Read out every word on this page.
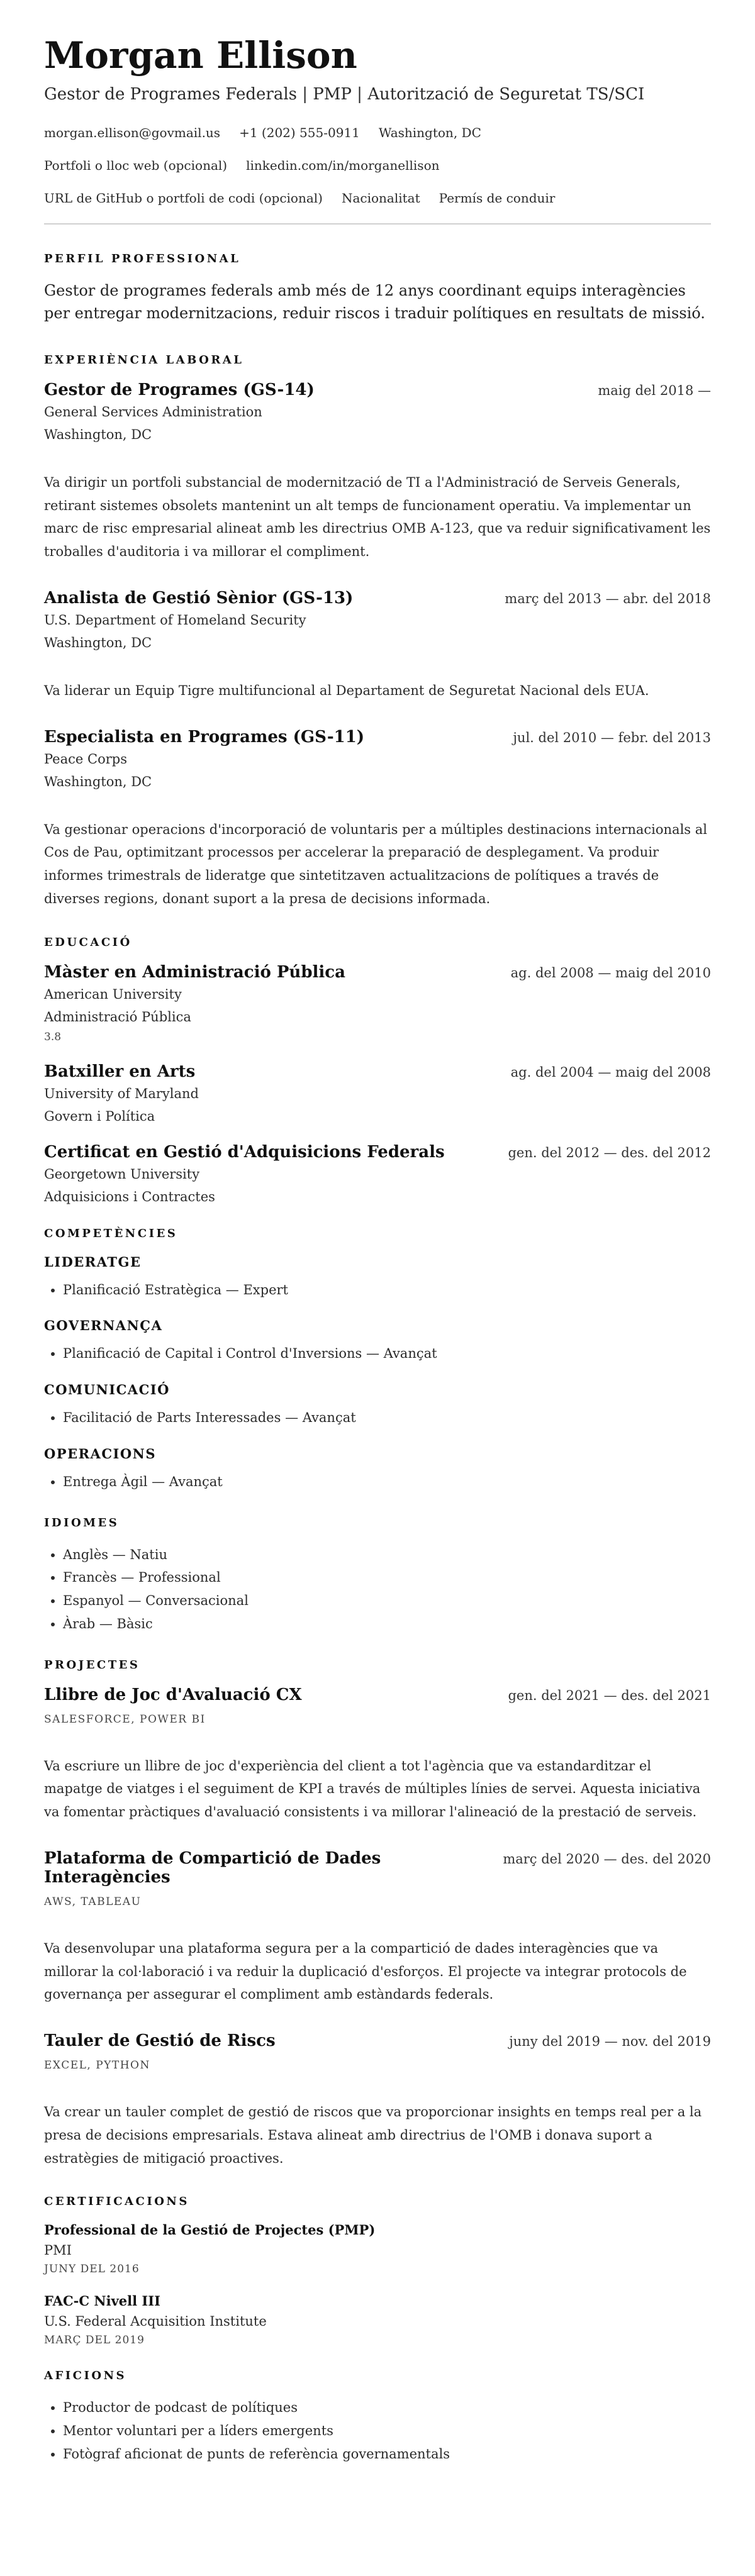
Morgan Ellison
Gestor de Programes Federals | PMP | Autorització de Seguretat TS/SCI
morgan.ellison@govmail.us +1 (202) 555-0911 Washington, DC
Portfoli o lloc web (opcional) linkedin.com/in/morganellison
URL de GitHub o portfoli de codi (opcional) Nacionalitat Permís de conduir
PERFIL PROFESSIONAL
Gestor de programes federals amb més de 12 anys coordinant equips interagències per entregar modernitzacions, reduir riscos i traduir polítiques en resultats de missió.
EXPERIÈNCIA LABORAL
Gestor de Programes (GS-14)	maig del 2018 —
General Services Administration
Washington, DC
Va dirigir un portfoli substancial de modernització de TI a l'Administració de Serveis Generals, retirant sistemes obsolets mantenint un alt temps de funcionament operatiu. Va implementar un marc de risc empresarial alineat amb les directrius OMB A-123, que va reduir significativament les troballes d'auditoria i va millorar el compliment.
Analista de Gestió Sènior (GS-13)	març del 2013 — abr. del 2018
U.S. Department of Homeland Security
Washington, DC
Va liderar un Equip Tigre multifuncional al Departament de Seguretat Nacional dels EUA.
Especialista en Programes (GS-11)	jul. del 2010 — febr. del 2013
Peace Corps
Washington, DC
Va gestionar operacions d'incorporació de voluntaris per a múltiples destinacions internacionals al Cos de Pau, optimitzant processos per accelerar la preparació de desplegament. Va produir informes trimestrals de lideratge que sintetitzaven actualitzacions de polítiques a través de diverses regions, donant suport a la presa de decisions informada.
EDUCACIÓ
Màster en Administració Pública	ag. del 2008 — maig del 2010
American University
Administració Pública
3.8
Batxiller en Arts	ag. del 2004 — maig del 2008
University of Maryland
Govern i Política
Certificat en Gestió d'Adquisicions Federals	gen. del 2012 — des. del 2012
Georgetown University
Adquisicions i Contractes
COMPETÈNCIES
LIDERATGE
• Planificació Estratègica — Expert
GOVERNANÇA
• Planificació de Capital i Control d'Inversions — Avançat
COMUNICACIÓ
• Facilitació de Parts Interessades — Avançat
OPERACIONS
• Entrega Àgil — Avançat
IDIOMES
• Anglès — Natiu
• Francès — Professional
• Espanyol — Conversacional
• Àrab — Bàsic
PROJECTES
Llibre de Joc d'Avaluació CX	gen. del 2021 — des. del 2021
SALESFORCE, POWER BI
Va escriure un llibre de joc d'experiència del client a tot l'agència que va estandarditzar el mapatge de viatges i el seguiment de KPI a través de múltiples línies de servei. Aquesta iniciativa va fomentar pràctiques d'avaluació consistents i va millorar l'alineació de la prestació de serveis.
Plataforma de Compartició de Dades Interagències
març del 2020 — des. del 2020
AWS, TABLEAU
Va desenvolupar una plataforma segura per a la compartició de dades interagències que va millorar la col·laboració i va reduir la duplicació d'esforços. El projecte va integrar protocols de governança per assegurar el compliment amb estàndards federals.
Tauler de Gestió de Riscs	juny del 2019 — nov. del 2019
EXCEL, PYTHON
Va crear un tauler complet de gestió de riscos que va proporcionar insights en temps real per a la presa de decisions empresarials. Estava alineat amb directrius de l'OMB i donava suport a estratègies de mitigació proactives.
CERTIFICACIONS
Professional de la Gestió de Projectes (PMP)
PMI
JUNY DEL 2016
FAC-C Nivell III
U.S. Federal Acquisition Institute
MARÇ DEL 2019
AFICIONS
• Productor de podcast de polítiques
• Mentor voluntari per a líders emergents
• Fotògraf aficionat de punts de referència governamentals
